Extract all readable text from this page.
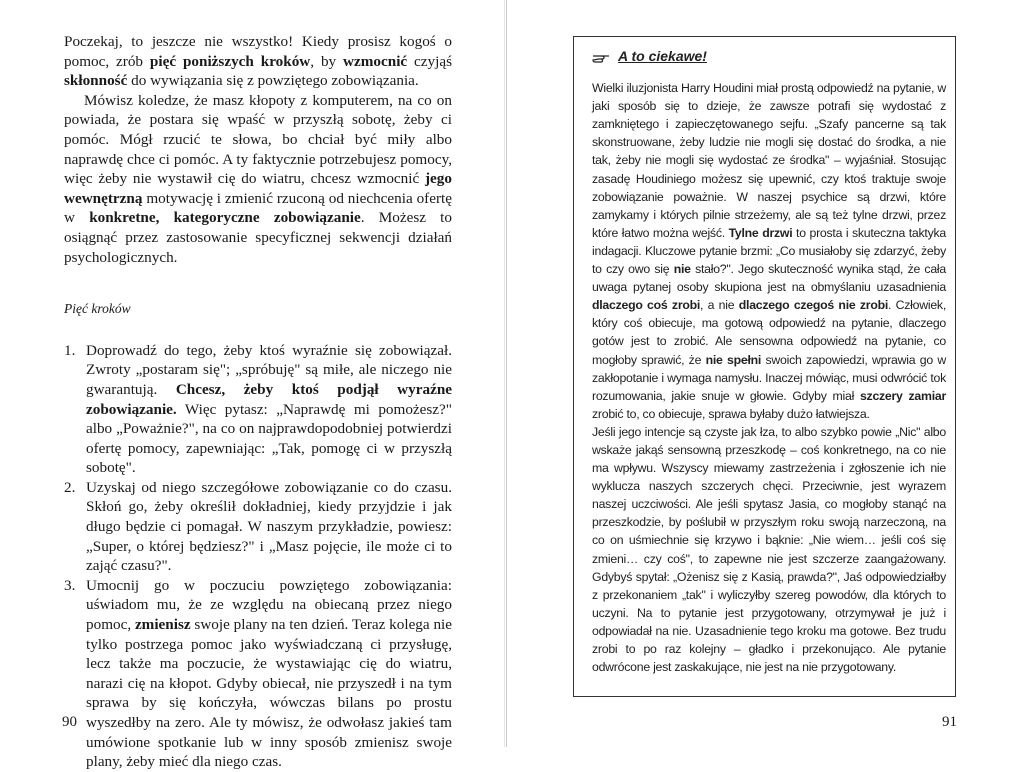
Poczekaj, to jeszcze nie wszystko! Kiedy prosisz kogoś o pomoc, zrób pięć poniższych kroków, by wzmocnić czyjąś skłonność do wywiązania się z powziętego zobowiązania.

Mówisz koledze, że masz kłopoty z komputerem, na co on powiada, że postara się wpaść w przyszłą sobotę, żeby ci pomóc. Mógł rzucić te słowa, bo chciał być miły albo naprawdę chce ci pomóc. A ty faktycznie potrzebujesz pomocy, więc żeby nie wystawił cię do wiatru, chcesz wzmocnić jego wewnętrzną motywację i zmienić rzuconą od niechcenia ofertę w konkretne, kategoryczne zobowiązanie. Możesz to osiągnąć przez zastosowanie specyficznej sekwencji działań psychologicznych.

Pięć kroków

1. Doprowadź do tego, żeby ktoś wyraźnie się zobowiązał. Zwroty „postaram się"; „spróbuję" są miłe, ale niczego nie gwarantują. Chcesz, żeby ktoś podjął wyraźne zobowiązanie. Więc pytasz: „Naprawdę mi pomożesz?" albo „Poważnie?", na co on najprawdopodobniej potwierdzi ofertę pomocy, zapewniając: „Tak, pomogę ci w przyszłą sobotę".

2. Uzyskaj od niego szczegółowe zobowiązanie co do czasu. Skłoń go, żeby określił dokładniej, kiedy przyjdzie i jak długo będzie ci pomagał. W naszym przykładzie, powiesz: „Super, o której będziesz?" i „Masz pojęcie, ile może ci to zająć czasu?".

3. Umocnij go w poczuciu powziętego zobowiązania: uświadom mu, że ze względu na obiecaną przez niego pomoc, zmienisz swoje plany na ten dzień. Teraz kolega nie tylko postrzega pomoc jako wyświadczaną ci przysługę, lecz także ma poczucie, że wystawiając cię do wiatru, narazi cię na kłopot. Gdyby obiecał, nie przyszedł i na tym sprawa by się kończyła, wówczas bilans po prostu wyszedłby na zero. Ale ty mówisz, że odwołasz jakieś tam umówione spotkanie lub w inny sposób zmienisz swoje plany, żeby mieć dla niego czas.

90
A to ciekawe!

Wielki iluzjonista Harry Houdini miał prostą odpowiedź na pytanie, w jaki sposób się to dzieje, że zawsze potrafi się wydostać z zamkniętego i zapieczętowanego sejfu. „Szafy pancerne są tak skonstruowane, żeby ludzie nie mogli się dostać do środka, a nie tak, żeby nie mogli się wydostać ze środka" – wyjaśniał. Stosując zasadę Houdiniego możesz się upewnić, czy ktoś traktuje swoje zobowiązanie poważnie. W naszej psychice są drzwi, które zamykamy i których pilnie strzeżemy, ale są też tylne drzwi, przez które łatwo można wejść. Tylne drzwi to prosta i skuteczna taktyka indagacji. Kluczowe pytanie brzmi: „Co musiałoby się zdarzyć, żeby to czy owo się nie stało?". Jego skuteczność wynika stąd, że cała uwaga pytanej osoby skupiona jest na obmyślaniu uzasadnienia dlaczego coś zrobi, a nie dlaczego czegoś nie zrobi. Człowiek, który coś obiecuje, ma gotową odpowiedź na pytanie, dlaczego gotów jest to zrobić. Ale sensowna odpowiedź na pytanie, co mogłoby sprawić, że nie spełni swoich zapowiedzi, wprawia go w zakłopotanie i wymaga namysłu. Inaczej mówiąc, musi odwrócić tok rozumowania, jakie snuje w głowie. Gdyby miał szczery zamiar zrobić to, co obiecuje, sprawa byłaby dużo łatwiejsza.

Jeśli jego intencje są czyste jak łza, to albo szybko powie „Nic" albo wskaże jakąś sensowną przeszkodę – coś konkretnego, na co nie ma wpływu. Wszyscy miewamy zastrzeżenia i zgłoszenie ich nie wyklucza naszych szczerych chęci. Przeciwnie, jest wyrazem naszej uczciwości. Ale jeśli spytasz Jasia, co mogłoby stanąć na przeszkodzie, by poślubił w przyszłym roku swoją narzeczoną, na co on uśmiechnie się krzywo i bąknie: „Nie wiem… jeśli coś się zmieni… czy coś", to zapewne nie jest szczerze zaangażowany. Gdybyś spytał: „Ożenisz się z Kasią, prawda?", Jaś odpowiedziałby z przekonaniem „tak" i wyliczyłby szereg powodów, dla których to uczyni. Na to pytanie jest przygotowany, otrzymywał je już i odpowiadał na nie. Uzasadnienie tego kroku ma gotowe. Bez trudu zrobi to po raz kolejny – gładko i przekonująco. Ale pytanie odwrócone jest zaskakujące, nie jest na nie przygotowany.

91
